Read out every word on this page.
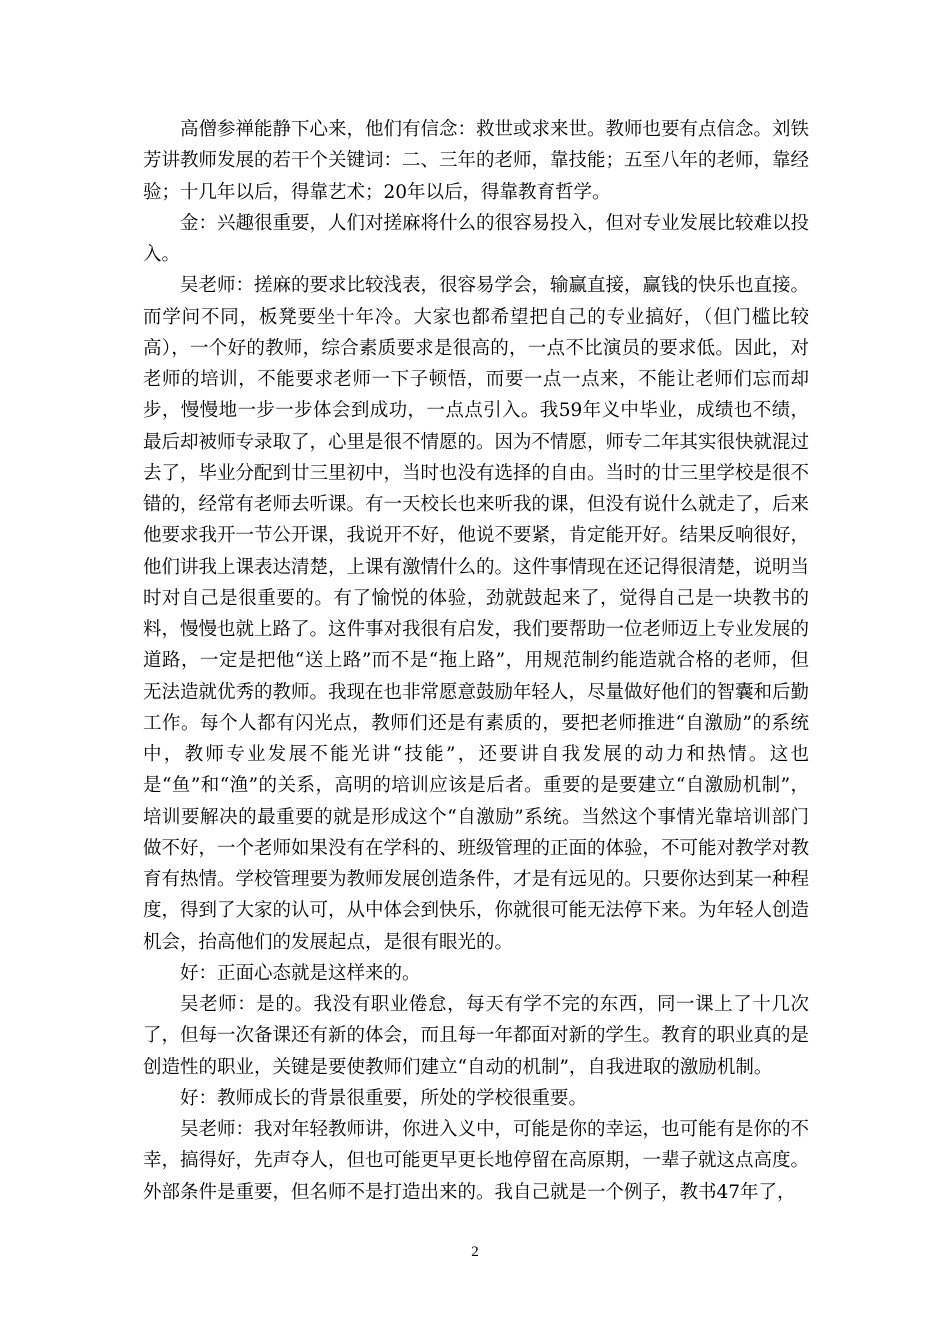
高僧参禅能静下心来，他们有信念：救世或求来世。教师也要有点信念。刘铁芳讲教师发展的若干个关键词：二、三年的老师，靠技能；五至八年的老师，靠经验；十几年以后，得靠艺术；20年以后，得靠教育哲学。

金：兴趣很重要，人们对搓麻将什么的很容易投入，但对专业发展比较难以投入。

吴老师：搓麻的要求比较浅表，很容易学会，输赢直接，赢钱的快乐也直接。而学问不同，板凳要坐十年冷。大家也都希望把自己的专业搞好，（但门槛比较高），一个好的教师，综合素质要求是很高的，一点不比演员的要求低。因此，对老师的培训，不能要求老师一下子顿悟，而要一点一点来，不能让老师们忘而却步，慢慢地一步一步体会到成功，一点点引入。我59年义中毕业，成绩也不绩，最后却被师专录取了，心里是很不情愿的。因为不情愿，师专二年其实很快就混过去了，毕业分配到廿三里初中，当时也没有选择的自由。当时的廿三里学校是很不错的，经常有老师去听课。有一天校长也来听我的课，但没有说什么就走了，后来他要求我开一节公开课，我说开不好，他说不要紧，肯定能开好。结果反响很好，他们讲我上课表达清楚，上课有激情什么的。这件事情现在还记得很清楚，说明当时对自己是很重要的。有了愉悦的体验，劲就鼓起来了，觉得自己是一块教书的料，慢慢也就上路了。这件事对我很有启发，我们要帮助一位老师迈上专业发展的道路，一定是把他“送上路”而不是“拖上路”，用规范制约能造就合格的老师，但无法造就优秀的教师。我现在也非常愿意鼓励年轻人，尽量做好他们的智囊和后勤工作。每个人都有闪光点，教师们还是有素质的，要把老师推进“自激励”的系统中，教师专业发展不能光讲“技能”，还要讲自我发展的动力和热情。这也是“鱼”和“渔”的关系，高明的培训应该是后者。重要的是要建立“自激励机制”，培训要解决的最重要的就是形成这个“自激励”系统。当然这个事情光靠培训部门做不好，一个老师如果没有在学科的、班级管理的正面的体验，不可能对教学对教育有热情。学校管理要为教师发展创造条件，才是有远见的。只要你达到某一种程度，得到了大家的认可，从中体会到快乐，你就很可能无法停下来。为年轻人创造机会，抬高他们的发展起点，是很有眼光的。

好：正面心态就是这样来的。

吴老师：是的。我没有职业倦怠，每天有学不完的东西，同一课上了十几次了，但每一次备课还有新的体会，而且每一年都面对新的学生。教育的职业真的是创造性的职业，关键是要使教师们建立“自动的机制”，自我进取的激励机制。

好：教师成长的背景很重要，所处的学校很重要。

吴老师：我对年轻教师讲，你进入义中，可能是你的幸运，也可能有是你的不幸，搞得好，先声夺人，但也可能更早更长地停留在高原期，一辈子就这点高度。外部条件是重要，但名师不是打造出来的。我自己就是一个例子，教书47年了，

2
